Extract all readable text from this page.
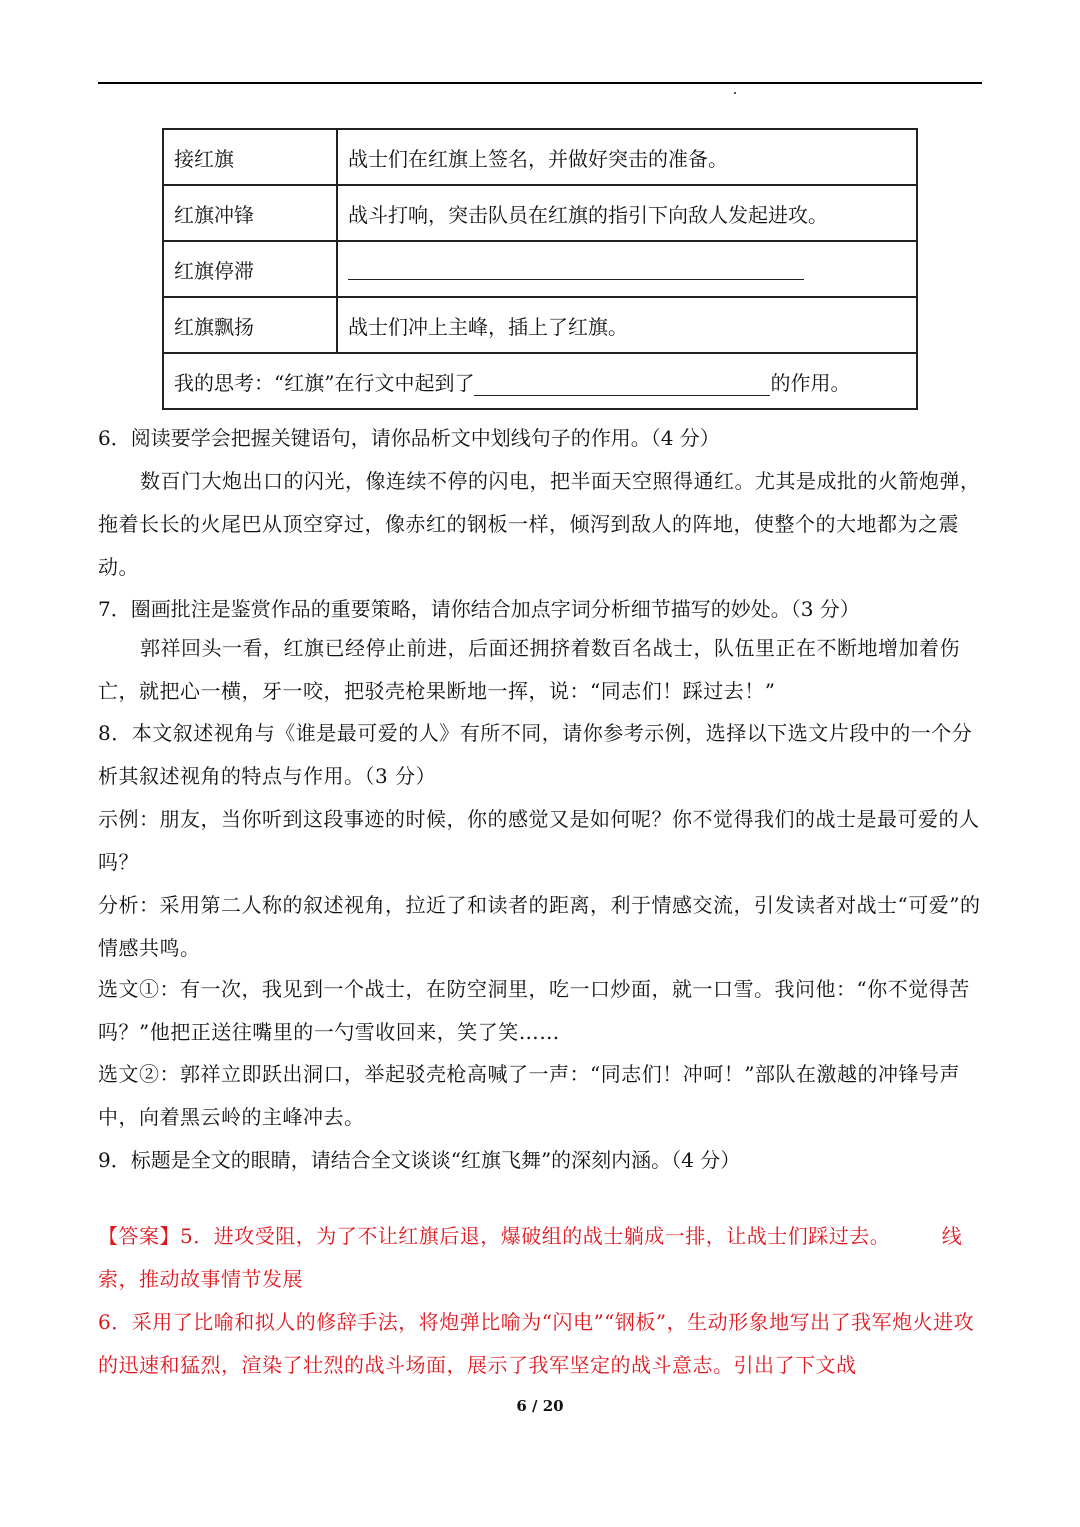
接红旗	战士们在红旗上签名，并做好突击的准备。
红旗冲锋	战斗打响，突击队员在红旗的指引下向敌人发起进攻。
红旗停滞	
红旗飘扬	战士们冲上主峰，插上了红旗。
我的思考：“红旗”在行文中起到了 的作用。	
6．阅读要学会把握关键语句，请你品析文中划线句子的作用。（4 分）
数百门大炮出口的闪光，像连续不停的闪电，把半面天空照得通红。尤其是成批的火箭炮弹，拖着长长的火尾巴从顶空穿过，像赤红的钢板一样，倾泻到敌人的阵地，使整个的大地都为之震动。
7．圈画批注是鉴赏作品的重要策略，请你结合加点字词分析细节描写的妙处。（3 分）
郭祥回头一看，红旗已经停止前进，后面还拥挤着数百名战士，队伍里正在不断地增加着伤亡，就把心一横，牙一咬，把驳壳枪果断地一挥，说：“同志们！踩过去！”
8．本文叙述视角与《谁是最可爱的人》有所不同，请你参考示例，选择以下选文片段中的一个分析其叙述视角的特点与作用。（3 分）
示例：朋友，当你听到这段事迹的时候，你的感觉又是如何呢？你不觉得我们的战士是最可爱的人吗？
分析：采用第二人称的叙述视角，拉近了和读者的距离，利于情感交流，引发读者对战士“可爱”的情感共鸣。
选文①：有一次，我见到一个战士，在防空洞里，吃一口炒面，就一口雪。我问他：“你不觉得苦吗？”他把正送往嘴里的一勺雪收回来，笑了笑……
选文②：郭祥立即跃出洞口，举起驳壳枪高喊了一声：“同志们！冲呵！”部队在激越的冲锋号声中，向着黑云岭的主峰冲去。
9．标题是全文的眼睛，请结合全文谈谈“红旗飞舞”的深刻内涵。（4 分）
【答案】5．进攻受阻，为了不让红旗后退，爆破组的战士躺成一排，让战士们踩过去。　　　线索，推动故事情节发展
6．采用了比喻和拟人的修辞手法，将炮弹比喻为“闪电”“钢板”，生动形象地写出了我军炮火进攻的迅速和猛烈，渲染了壮烈的战斗场面，展示了我军坚定的战斗意志。引出了下文战
6 / 20
